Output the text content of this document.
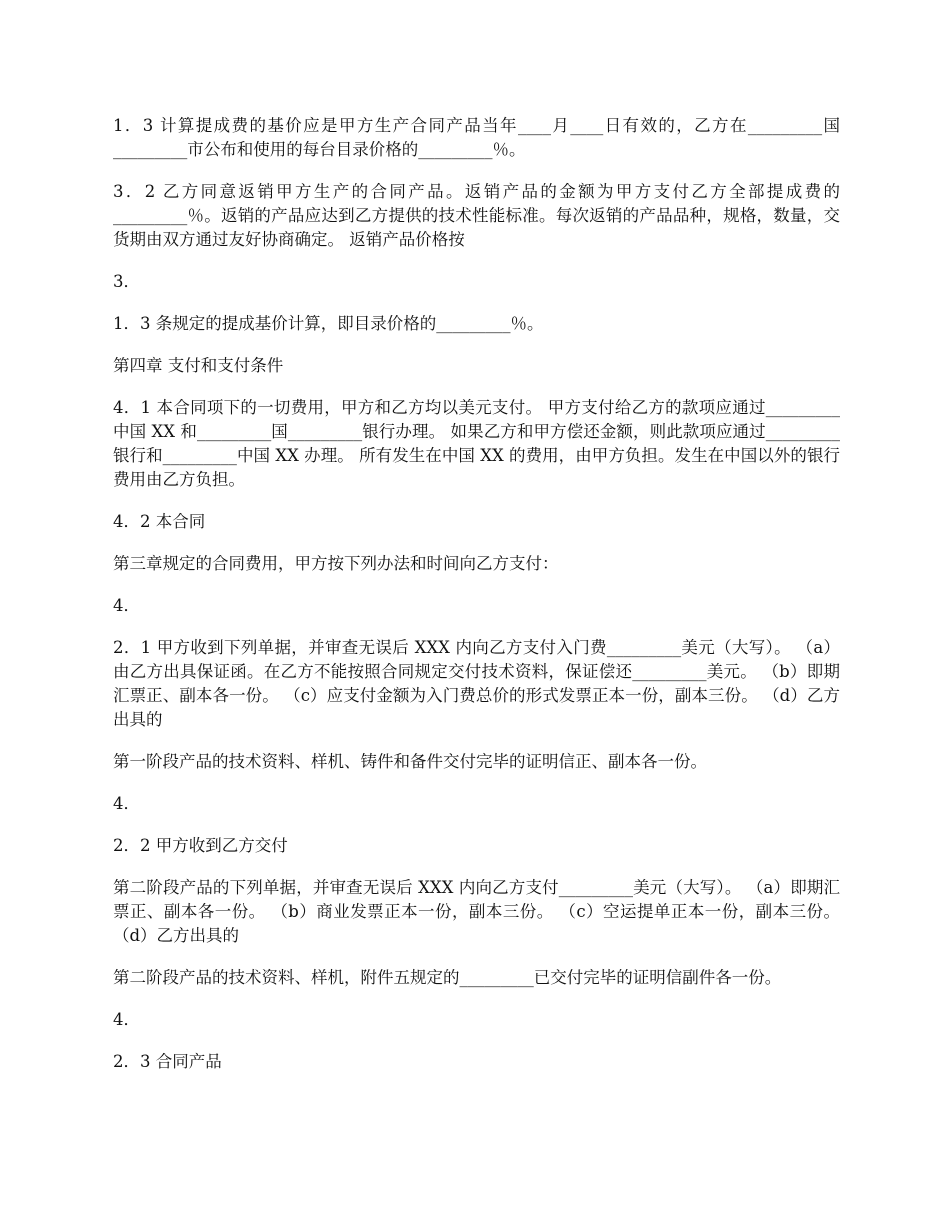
1．3 计算提成费的基价应是甲方生产合同产品当年____月____日有效的，乙方在_________国_________市公布和使用的每台目录价格的_________％。

3．2 乙方同意返销甲方生产的合同产品。返销产品的金额为甲方支付乙方全部提成费的_________％。返销的产品应达到乙方提供的技术性能标准。每次返销的产品品种，规格，数量，交货期由双方通过友好协商确定。 返销产品价格按

3．

1．3 条规定的提成基价计算，即目录价格的_________％。

第四章 支付和支付条件

4．1 本合同项下的一切费用，甲方和乙方均以美元支付。 甲方支付给乙方的款项应通过_________中国 XX 和_________国_________银行办理。 如果乙方和甲方偿还金额，则此款项应通过_________银行和_________中国 XX 办理。 所有发生在中国 XX 的费用，由甲方负担。发生在中国以外的银行费用由乙方负担。

4．2 本合同

第三章规定的合同费用，甲方按下列办法和时间向乙方支付：

4．

2．1 甲方收到下列单据，并审查无误后 XXX 内向乙方支付入门费_________美元（大写）。 （a）由乙方出具保证函。在乙方不能按照合同规定交付技术资料，保证偿还_________美元。 （b）即期汇票正、副本各一份。 （c）应支付金额为入门费总价的形式发票正本一份，副本三份。 （d）乙方出具的

第一阶段产品的技术资料、样机、铸件和备件交付完毕的证明信正、副本各一份。

4．

2．2 甲方收到乙方交付

第二阶段产品的下列单据，并审查无误后 XXX 内向乙方支付_________美元（大写）。 （a）即期汇票正、副本各一份。 （b）商业发票正本一份，副本三份。 （c）空运提单正本一份，副本三份。 （d）乙方出具的

第二阶段产品的技术资料、样机，附件五规定的_________已交付完毕的证明信副件各一份。

4．

2．3 合同产品
